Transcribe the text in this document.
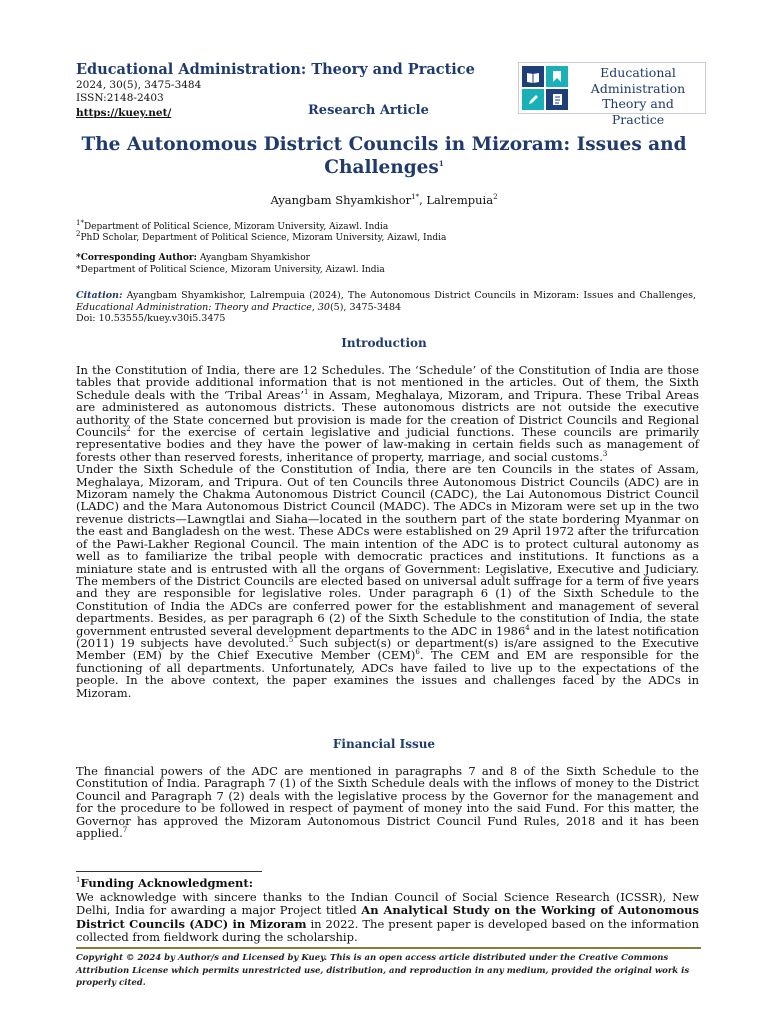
Educational Administration: Theory and Practice
2024, 30(5), 3475-3484
ISSN:2148-2403
https://kuey.net/	Research Article
Educational
Administration
Theory and Practice
The Autonomous District Councils in Mizoram: Issues and
Challenges$^1$
Ayangbam Shyamkishor$^{1*}$, Lalrempuia$^2$
$^{1*}$Department of Political Science, Mizoram University, Aizawl. India
$^2$PhD Scholar, Department of Political Science, Mizoram University, Aizawl, India
*Corresponding Author: Ayangbam Shyamkishor
*Department of Political Science, Mizoram University, Aizawl. India
Citation: Ayangbam Shyamkishor, Lalrempuia (2024), The Autonomous District Councils in Mizoram: Issues and Challenges, Educational Administration: Theory and Practice, 30(5), 3475-3484
Doi: 10.53555/kuey.v30i5.3475
Introduction

In the Constitution of India, there are 12 Schedules. The ‘Schedule’ of the Constitution of India are those tables that provide additional information that is not mentioned in the articles. Out of them, the Sixth Schedule deals with the ‘Tribal Areas’$^1$ in Assam, Meghalaya, Mizoram, and Tripura. These Tribal Areas are administered as autonomous districts. These autonomous districts are not outside the executive authority of the State concerned but provision is made for the creation of District Councils and Regional Councils$^2$ for the exercise of certain legislative and judicial functions. These councils are primarily representative bodies and they have the power of law-making in certain fields such as management of forests other than reserved forests, inheritance of property, marriage, and social customs.$^3$

Under the Sixth Schedule of the Constitution of India, there are ten Councils in the states of Assam, Meghalaya, Mizoram, and Tripura. Out of ten Councils three Autonomous District Councils (ADC) are in Mizoram namely the Chakma Autonomous District Council (CADC), the Lai Autonomous District Council (LADC) and the Mara Autonomous District Council (MADC). The ADCs in Mizoram were set up in the two revenue districts—Lawngtlai and Siaha—located in the southern part of the state bordering Myanmar on the east and Bangladesh on the west. These ADCs were established on 29 April 1972 after the trifurcation of the Pawi-Lakher Regional Council. The main intention of the ADC is to protect cultural autonomy as well as to familiarize the tribal people with democratic practices and institutions. It functions as a miniature state and is entrusted with all the organs of Government: Legislative, Executive and Judiciary. The members of the District Councils are elected based on universal adult suffrage for a term of five years and they are responsible for legislative roles. Under paragraph 6 (1) of the Sixth Schedule to the Constitution of India the ADCs are conferred power for the establishment and management of several departments. Besides, as per paragraph 6 (2) of the Sixth Schedule to the constitution of India, the state government entrusted several development departments to the ADC in 1986$^4$ and in the latest notification (2011) 19 subjects have devoluted.$^5$ Such subject(s) or department(s) is/are assigned to the Executive Member (EM) by the Chief Executive Member (CEM)$^6$. The CEM and EM are responsible for the functioning of all departments. Unfortunately, ADCs have failed to live up to the expectations of the people. In the above context, the paper examines the issues and challenges faced by the ADCs in Mizoram.

Financial Issue

The financial powers of the ADC are mentioned in paragraphs 7 and 8 of the Sixth Schedule to the Constitution of India. Paragraph 7 (1) of the Sixth Schedule deals with the inflows of money to the District Council and Paragraph 7 (2) deals with the legislative process by the Governor for the management and for the procedure to be followed in respect of payment of money into the said Fund. For this matter, the Governor has approved the Mizoram Autonomous District Council Fund Rules, 2018 and it has been applied.$^7$

$^1$Funding Acknowledgment:
We acknowledge with sincere thanks to the Indian Council of Social Science Research (ICSSR), New Delhi, India for awarding a major Project titled An Analytical Study on the Working of Autonomous District Councils (ADC) in Mizoram in 2022. The present paper is developed based on the information collected from fieldwork during the scholarship.
Copyright © 2024 by Author/s and Licensed by Kuey. This is an open access article distributed under the Creative Commons Attribution License which permits unrestricted use, distribution, and reproduction in any medium, provided the original work is properly cited.
